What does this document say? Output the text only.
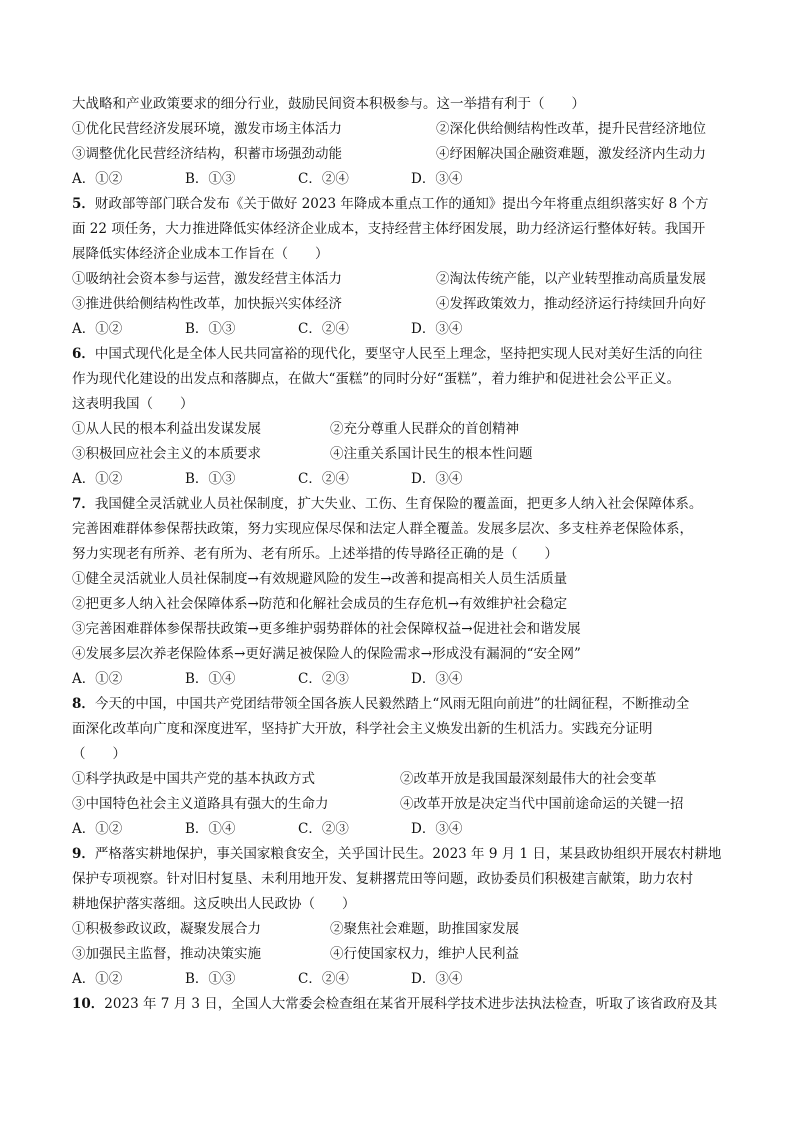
大战略和产业政策要求的细分行业，鼓励民间资本积极参与。这一举措有利于（　　）
①优化民营经济发展环境，激发市场主体活力	②深化供给侧结构性改革，提升民营经济地位
③调整优化民营经济结构，积蓄市场强劲动能	④纾困解决国企融资难题，激发经济内生动力
A．①②	B．①③	C．②④	D．③④
5．财政部等部门联合发布《关于做好 2023 年降成本重点工作的通知》提出今年将重点组织落实好 8 个方
面 22 项任务，大力推进降低实体经济企业成本，支持经营主体纾困发展，助力经济运行整体好转。我国开
展降低实体经济企业成本工作旨在（　　）
①吸纳社会资本参与运营，激发经营主体活力	②淘汰传统产能，以产业转型推动高质量发展
③推进供给侧结构性改革，加快振兴实体经济	④发挥政策效力，推动经济运行持续回升向好
A．①②	B．①③	C．②④	D．③④
6．中国式现代化是全体人民共同富裕的现代化，要坚守人民至上理念，坚持把实现人民对美好生活的向往
作为现代化建设的出发点和落脚点，在做大“蛋糕”的同时分好“蛋糕”，着力维护和促进社会公平正义。
这表明我国（　　）
①从人民的根本利益出发谋发展	②充分尊重人民群众的首创精神
③积极回应社会主义的本质要求	④注重关系国计民生的根本性问题
A．①②	B．①③	C．②④	D．③④
7．我国健全灵活就业人员社保制度，扩大失业、工伤、生育保险的覆盖面，把更多人纳入社会保障体系。
完善困难群体参保帮扶政策，努力实现应保尽保和法定人群全覆盖。发展多层次、多支柱养老保险体系，
努力实现老有所养、老有所为、老有所乐。上述举措的传导路径正确的是（　　）
①健全灵活就业人员社保制度→有效规避风险的发生→改善和提高相关人员生活质量
②把更多人纳入社会保障体系→防范和化解社会成员的生存危机→有效维护社会稳定
③完善困难群体参保帮扶政策→更多维护弱势群体的社会保障权益→促进社会和谐发展
④发展多层次养老保险体系→更好满足被保险人的保险需求→形成没有漏洞的“安全网”
A．①②	B．①④	C．②③	D．③④
8．今天的中国，中国共产党团结带领全国各族人民毅然踏上“风雨无阻向前进”的壮阔征程，不断推动全
面深化改革向广度和深度进军，坚持扩大开放，科学社会主义焕发出新的生机活力。实践充分证明
（　　）
①科学执政是中国共产党的基本执政方式	②改革开放是我国最深刻最伟大的社会变革
③中国特色社会主义道路具有强大的生命力	④改革开放是决定当代中国前途命运的关键一招
A．①②	B．①④	C．②③	D．③④
9．严格落实耕地保护，事关国家粮食安全，关乎国计民生。2023 年 9 月 1 日，某县政协组织开展农村耕地
保护专项视察。针对旧村复垦、未利用地开发、复耕撂荒田等问题，政协委员们积极建言献策，助力农村
耕地保护落实落细。这反映出人民政协（　　）
①积极参政议政，凝聚发展合力	②聚焦社会难题，助推国家发展
③加强民主监督，推动决策实施	④行使国家权力，维护人民利益
A．①②	B．①③	C．②④	D．③④
10．2023 年 7 月 3 日，全国人大常委会检查组在某省开展科学技术进步法执法检查，听取了该省政府及其
